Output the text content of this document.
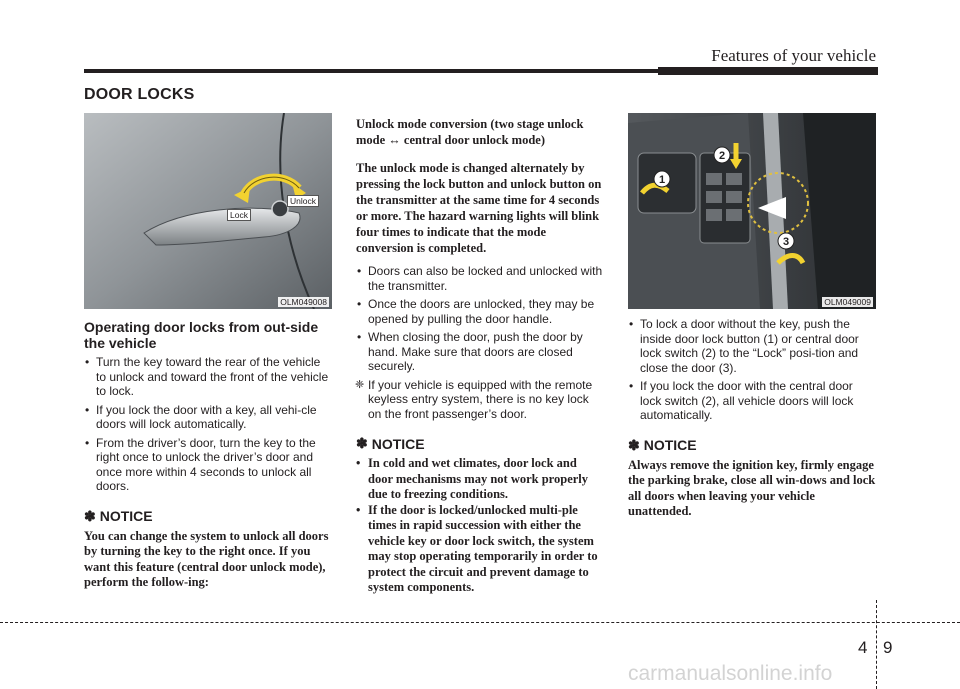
Features of your vehicle
DOOR LOCKS
Lock
Unlock
OLM049008
Operating door locks from out-side the vehicle
• Turn the key toward the rear of the vehicle to unlock and toward the front of the vehicle to lock.
• If you lock the door with a key, all vehi-cle doors will lock automatically.
• From the driver’s door, turn the key to the right once to unlock the driver’s door and once more within 4 seconds to unlock all doors.
✽ NOTICE
You can change the system to unlock all doors by turning the key to the right once. If you want this feature (central door unlock mode), perform the follow-ing:
Unlock mode conversion (two stage unlock mode ↔ central door unlock mode)
The unlock mode is changed alternately by pressing the lock button and unlock button on the transmitter at the same time for 4 seconds or more. The hazard warning lights will blink four times to indicate that the mode conversion is completed.
• Doors can also be locked and unlocked with the transmitter.
• Once the doors are unlocked, they may be opened by pulling the door handle.
• When closing the door, push the door by hand. Make sure that doors are closed securely.
❈ If your vehicle is equipped with the remote keyless entry system, there is no key lock on the front passenger’s door.
✽ NOTICE
• In cold and wet climates, door lock and door mechanisms may not work properly due to freezing conditions.
• If the door is locked/unlocked multi-ple times in rapid succession with either the vehicle key or door lock switch, the system may stop operating temporarily in order to protect the circuit and prevent damage to system components.
1
2
3
OLM049009
• To lock a door without the key, push the inside door lock button (1) or central door lock switch (2) to the “Lock” posi-tion and close the door (3).
• If you lock the door with the central door lock switch (2), all vehicle doors will lock automatically.
✽ NOTICE
Always remove the ignition key, firmly engage the parking brake, close all win-dows and lock all doors when leaving your vehicle unattended.
4 9
carmanualsonline.info
